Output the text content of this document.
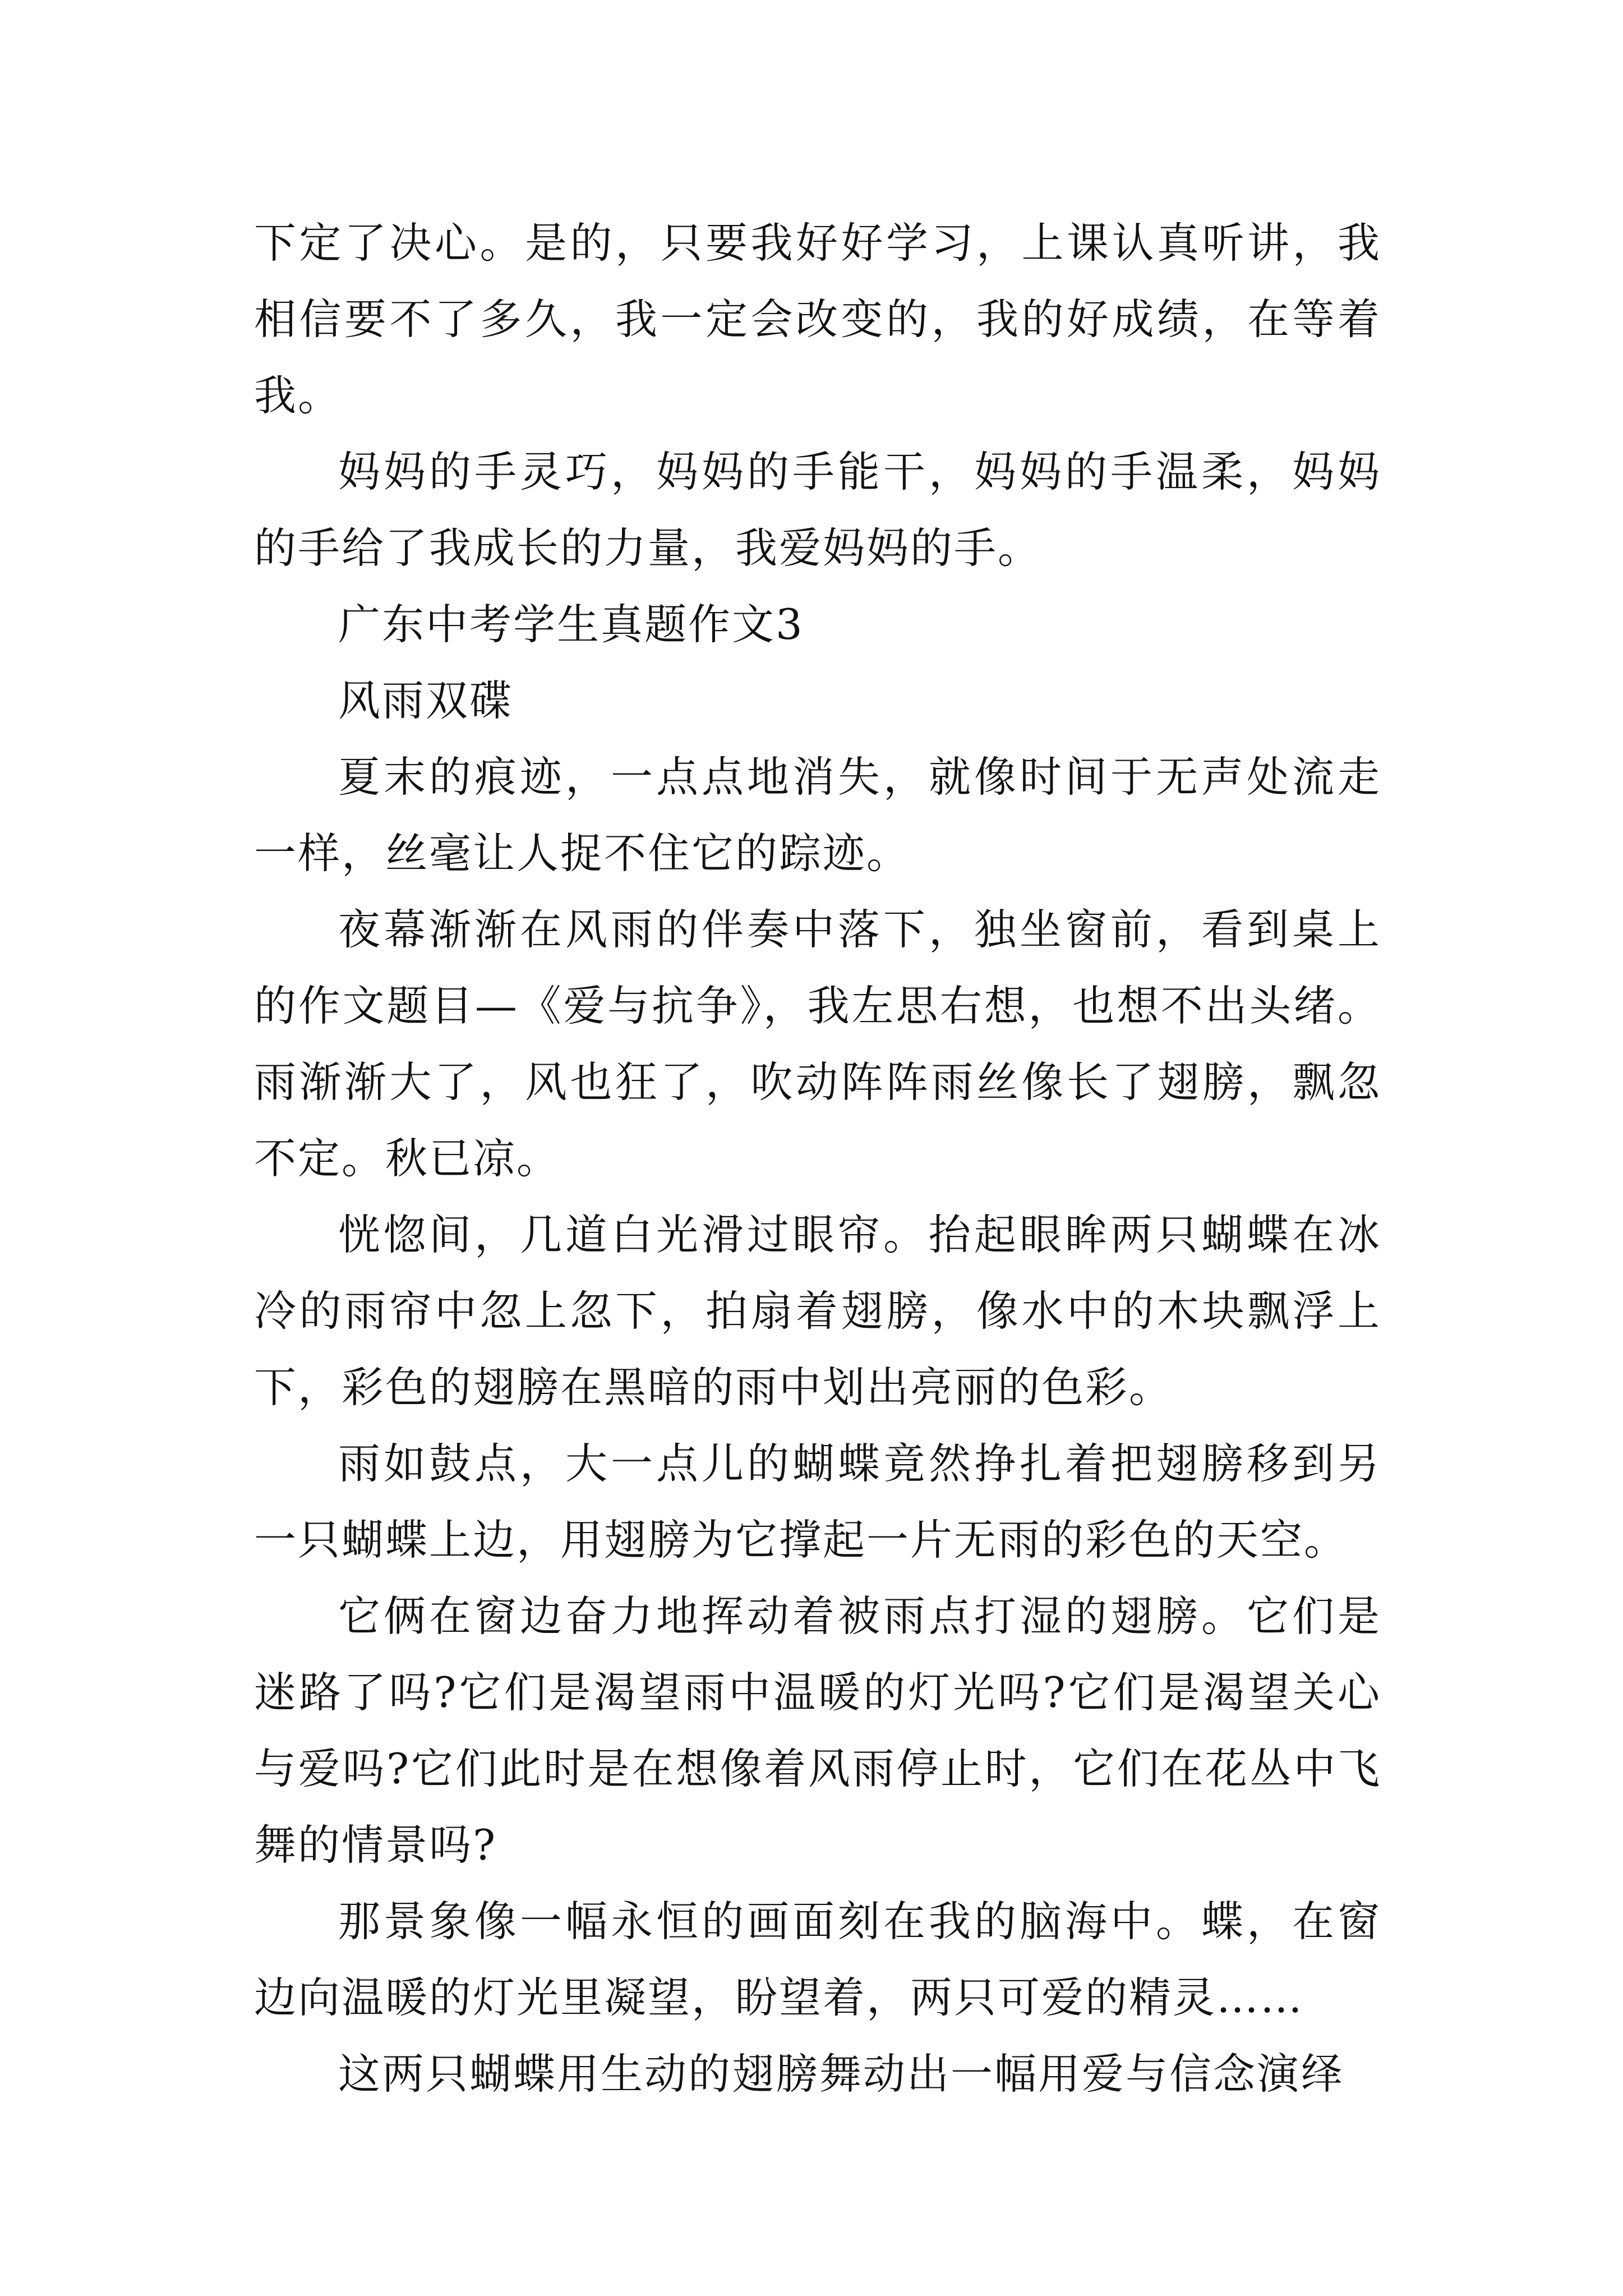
下定了决心。是的，只要我好好学习，上课认真听讲，我相信要不了多久，我一定会改变的，我的好成绩，在等着我。

妈妈的手灵巧，妈妈的手能干，妈妈的手温柔，妈妈的手给了我成长的力量，我爱妈妈的手。

广东中考学生真题作文3

风雨双碟

夏末的痕迹，一点点地消失，就像时间于无声处流走一样，丝毫让人捉不住它的踪迹。

夜幕渐渐在风雨的伴奏中落下，独坐窗前，看到桌上的作文题目—《爱与抗争》，我左思右想，也想不出头绪。雨渐渐大了，风也狂了，吹动阵阵雨丝像长了翅膀，飘忽不定。秋已凉。

恍惚间，几道白光滑过眼帘。抬起眼眸两只蝴蝶在冰冷的雨帘中忽上忽下，拍扇着翅膀，像水中的木块飘浮上下，彩色的翅膀在黑暗的雨中划出亮丽的色彩。

雨如鼓点，大一点儿的蝴蝶竟然挣扎着把翅膀移到另一只蝴蝶上边，用翅膀为它撑起一片无雨的彩色的天空。

它俩在窗边奋力地挥动着被雨点打湿的翅膀。它们是迷路了吗?它们是渴望雨中温暖的灯光吗?它们是渴望关心与爱吗?它们此时是在想像着风雨停止时，它们在花丛中飞舞的情景吗?

那景象像一幅永恒的画面刻在我的脑海中。蝶，在窗边向温暖的灯光里凝望，盼望着，两只可爱的精灵……

这两只蝴蝶用生动的翅膀舞动出一幅用爱与信念演绎
